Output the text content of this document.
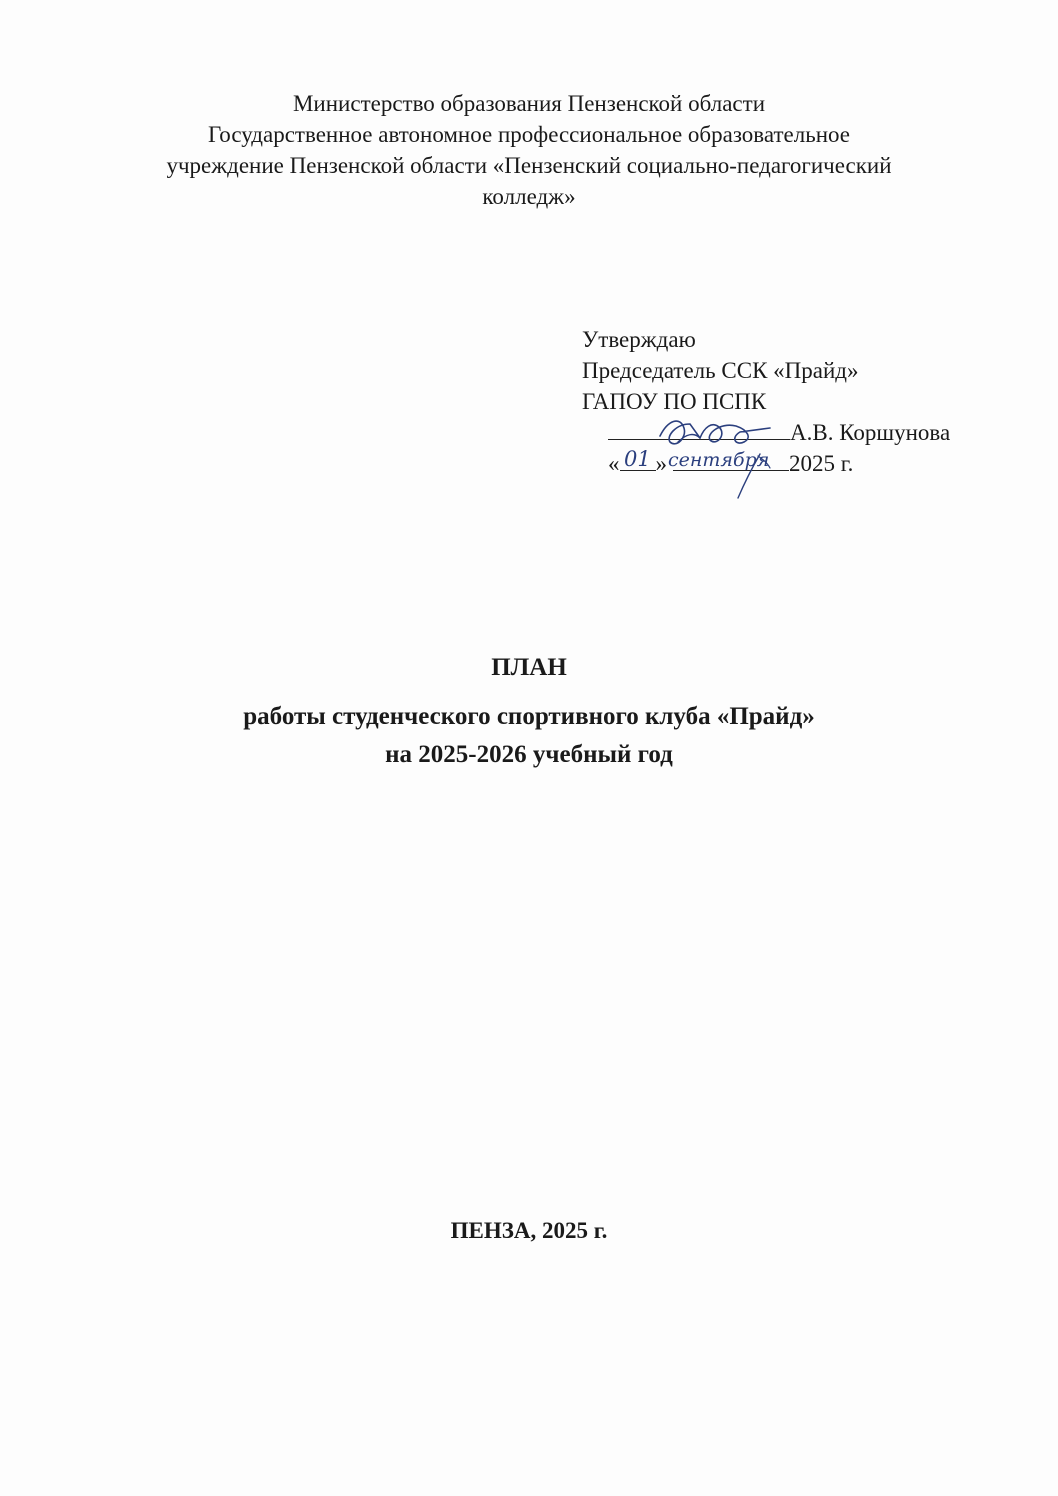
Министерство образования Пензенской области
Государственное автономное профессиональное образовательное
учреждение Пензенской области «Пензенский социально-педагогический
колледж»
Утверждаю
Председатель ССК «Прайд»
ГАПОУ ПО ПСПК
А.В. Коршунова
« »	2025 г.
01 сентября
ПЛАН
работы студенческого спортивного клуба «Прайд»
на 2025-2026 учебный год
ПЕНЗА, 2025 г.
